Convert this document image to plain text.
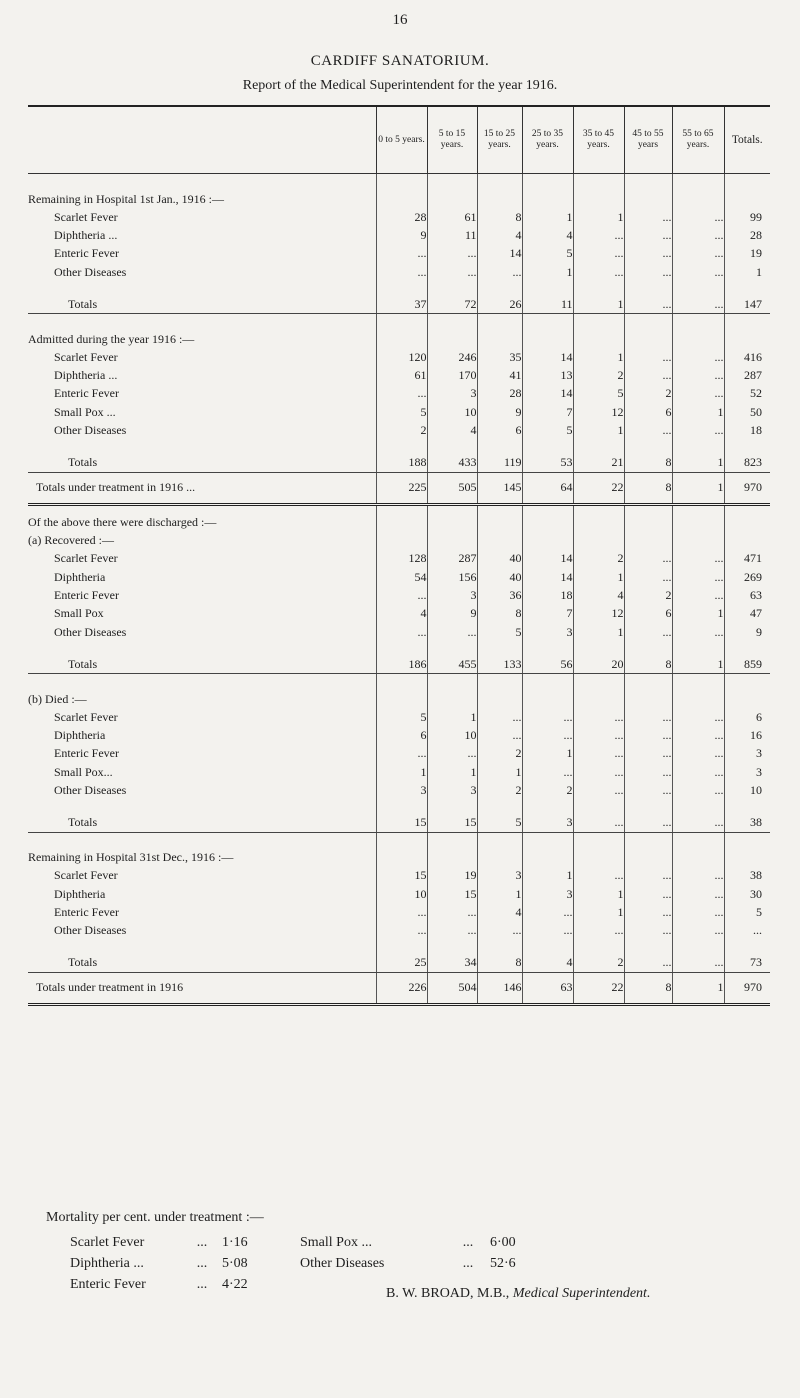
16
CARDIFF SANATORIUM.
Report of the Medical Superintendent for the year 1916.
	0 to 5 years.	5 to 15 years.	15 to 25 years.	25 to 35 years.	35 to 45 years.	45 to 55 years	55 to 65 years.	Totals.

Remaining in Hospital 1st Jan., 1916 :—								
Scarlet Fever	28	61	8	1	1	...	...	99
Diphtheria ...	9	11	4	4	...	...	...	28
Enteric Fever	...	...	14	5	...	...	...	19
Other Diseases	...	...	...	1	...	...	...	1

Totals	37	72	26	11	1	...	...	147

Admitted during the year 1916 :—								
Scarlet Fever	120	246	35	14	1	...	...	416
Diphtheria ...	61	170	41	13	2	...	...	287
Enteric Fever	...	3	28	14	5	2	...	52
Small Pox ...	5	10	9	7	12	6	1	50
Other Diseases	2	4	6	5	1	...	...	18

Totals	188	433	119	53	21	8	1	823
Totals under treatment in 1916 ...	225	505	145	64	22	8	1	970

Of the above there were discharged :—								
(a) Recovered :—								
Scarlet Fever	128	287	40	14	2	...	...	471
Diphtheria	54	156	40	14	1	...	...	269
Enteric Fever	...	3	36	18	4	2	...	63
Small Pox	4	9	8	7	12	6	1	47
Other Diseases	...	...	5	3	1	...	...	9

Totals	186	455	133	56	20	8	1	859

(b) Died :—								
Scarlet Fever	5	1	...	...	...	...	...	6
Diphtheria	6	10	...	...	...	...	...	16
Enteric Fever	...	...	2	1	...	...	...	3
Small Pox...	1	1	1	...	...	...	...	3
Other Diseases	3	3	2	2	...	...	...	10

Totals	15	15	5	3	...	...	...	38

Remaining in Hospital 31st Dec., 1916 :—								
Scarlet Fever	15	19	3	1	...	...	...	38
Diphtheria	10	15	1	3	1	...	...	30
Enteric Fever	...	...	4	...	1	...	...	5
Other Diseases	...	...	...	...	...	...	...	...

Totals	25	34	8	4	2	...	...	73
Totals under treatment in 1916	226	504	146	63	22	8	1	970
Mortality per cent. under treatment :—
Scarlet Fever	...	1·16	Small Pox ...	...	6·00
Diphtheria ...	...	5·08	Other Diseases	...	52·6
Enteric Fever	...	4·22			
B. W. BROAD, M.B., Medical Superintendent.
